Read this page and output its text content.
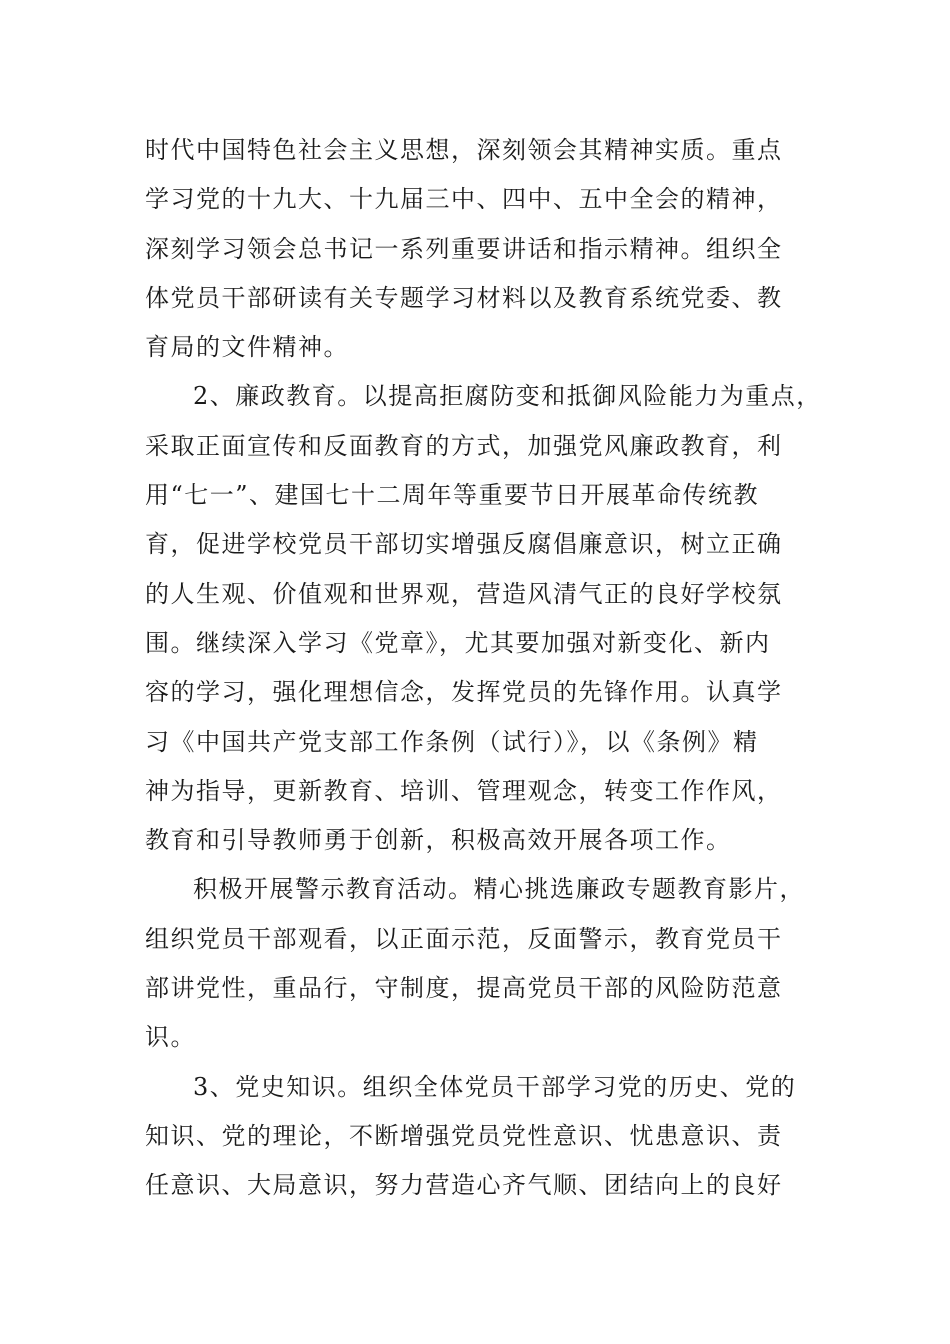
时代中国特色社会主义思想，深刻领会其精神实质。重点
学习党的十九大、十九届三中、四中、五中全会的精神，
深刻学习领会总书记一系列重要讲话和指示精神。组织全
体党员干部研读有关专题学习材料以及教育系统党委、教
育局的文件精神。
2、廉政教育。以提高拒腐防变和抵御风险能力为重点，
采取正面宣传和反面教育的方式，加强党风廉政教育，利
用“七一”、建国七十二周年等重要节日开展革命传统教
育，促进学校党员干部切实增强反腐倡廉意识，树立正确
的人生观、价值观和世界观，营造风清气正的良好学校氛
围。继续深入学习《党章》，尤其要加强对新变化、新内
容的学习，强化理想信念，发挥党员的先锋作用。认真学
习《中国共产党支部工作条例（试行）》，以《条例》精
神为指导，更新教育、培训、管理观念，转变工作作风，
教育和引导教师勇于创新，积极高效开展各项工作。
积极开展警示教育活动。精心挑选廉政专题教育影片，
组织党员干部观看，以正面示范，反面警示，教育党员干
部讲党性，重品行，守制度，提高党员干部的风险防范意
识。
3、党史知识。组织全体党员干部学习党的历史、党的
知识、党的理论，不断增强党员党性意识、忧患意识、责
任意识、大局意识，努力营造心齐气顺、团结向上的良好
